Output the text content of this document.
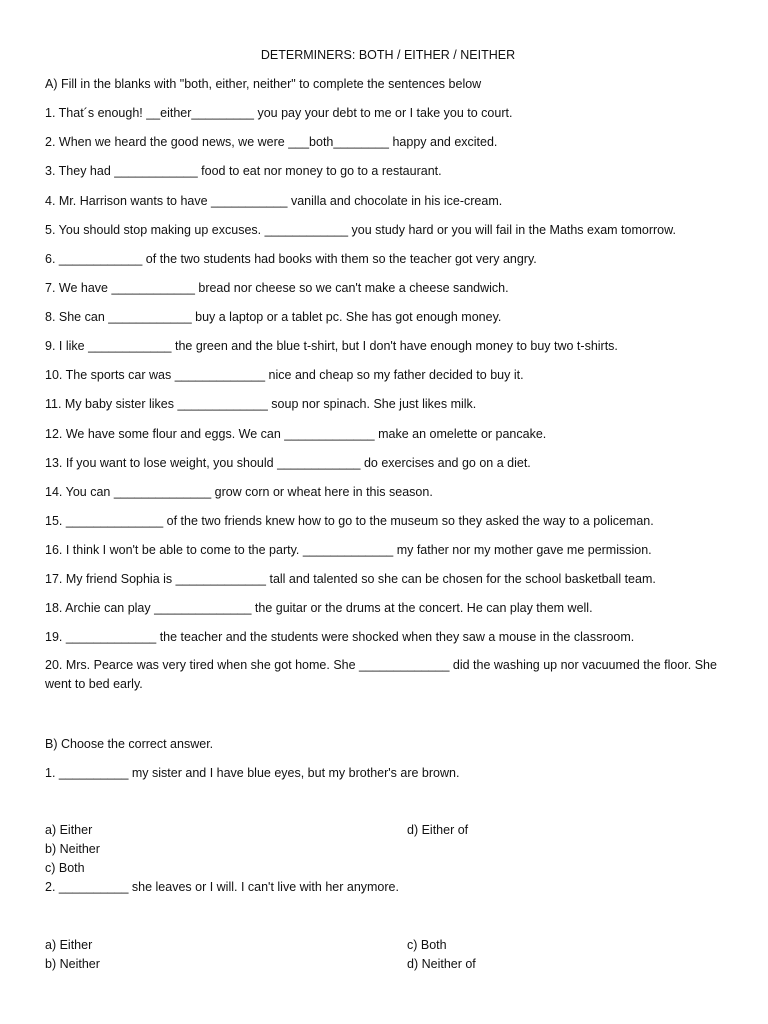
DETERMINERS: BOTH / EITHER / NEITHER
A) Fill in the blanks with "both, either, neither" to complete the sentences below
1. That´s enough! __either_________ you pay your debt to me or I take you to court.
2. When we heard the good news, we were ___both________ happy and excited.
3. They had ____________ food to eat nor money to go to a restaurant.
4. Mr. Harrison wants to have ___________ vanilla and chocolate in his ice-cream.
5. You should stop making up excuses. ____________ you study hard or you will fail in the Maths exam tomorrow.
6. ____________ of the two students had books with them so the teacher got very angry.
7. We have ____________ bread nor cheese so we can't make a cheese sandwich.
8. She can ____________ buy a laptop or a tablet pc. She has got enough money.
9. I like ____________ the green and the blue t-shirt, but I don't have enough money to buy two t-shirts.
10. The sports car was _____________ nice and cheap so my father decided to buy it.
11. My baby sister likes _____________ soup nor spinach. She just likes milk.
12. We have some flour and eggs. We can _____________ make an omelette or pancake.
13. If you want to lose weight, you should ____________ do exercises and go on a diet.
14. You can ______________ grow corn or wheat here in this season.
15. ______________ of the two friends knew how to go to the museum so they asked the way to a policeman.
16. I think I won't be able to come to the party. _____________ my father nor my mother gave me permission.
17. My friend Sophia is _____________ tall and talented so she can be chosen for the school basketball team.
18. Archie can play ______________ the guitar or the drums at the concert. He can play them well.
19. _____________ the teacher and the students were shocked when they saw a mouse in the classroom.
20. Mrs. Pearce was very tired when she got home. She _____________ did the washing up nor vacuumed the floor. She went to bed early.
B) Choose the correct answer.
1. __________ my sister and I have blue eyes, but my brother's are brown.
a) Either	d) Either of
b) Neither
c) Both
2. __________ she leaves or I will. I can't live with her anymore.
a) Either	c) Both
b) Neither	d) Neither of
